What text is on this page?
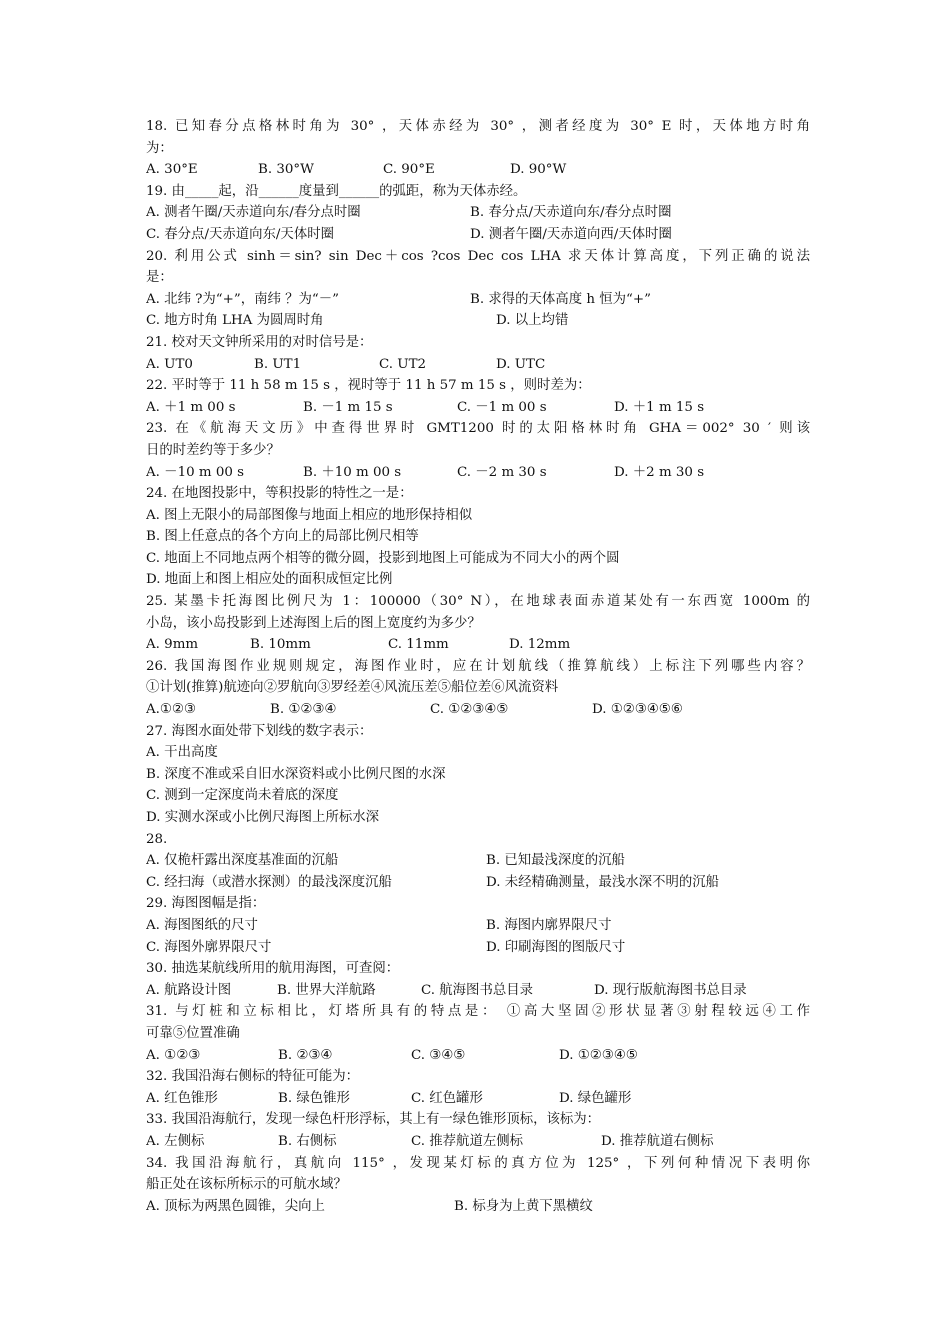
18. 已知春分点格林时角为 30° ，天体赤经为 30° ，测者经度为 30° E 时，天体地方时角
为：
A. 30°E	B. 30°W	C. 90°E	D. 90°W
19. 由_____起，沿______度量到______的弧距，称为天体赤经。
A. 测者午圈/天赤道向东/春分点时圈	B. 春分点/天赤道向东/春分点时圈
C. 春分点/天赤道向东/天体时圈	D. 测者午圈/天赤道向西/天体时圈
20. 利用公式 sinh＝sin? sin Dec＋cos ?cos Dec cos LHA 求天体计算高度，下列正确的说法
是：
A. 北纬 ?为“+”，南纬 ？为“－”	B. 求得的天体高度 h 恒为“+”
C. 地方时角 LHA 为圆周时角	D. 以上均错
21. 校对天文钟所采用的对时信号是：
A. UT0	B. UT1	C. UT2	D. UTC
22. 平时等于 11 h 58 m 15 s ，视时等于 11 h 57 m 15 s ，则时差为：
A. ＋1 m 00 s	B. －1 m 15 s	C. －1 m 00 s	D. ＋1 m 15 s
23. 在《航海天文历》中查得世界时 GMT1200 时的太阳格林时角 GHA＝002° 30 ′ 则该
日的时差约等于多少？
A. －10 m 00 s	B. ＋10 m 00 s	C. －2 m 30 s	D. ＋2 m 30 s
24. 在地图投影中，等积投影的特性之一是：
A. 图上无限小的局部图像与地面上相应的地形保持相似
B. 图上任意点的各个方向上的局部比例尺相等
C. 地面上不同地点两个相等的微分圆，投影到地图上可能成为不同大小的两个圆
D. 地面上和图上相应处的面积成恒定比例
25. 某墨卡托海图比例尺为 1：100000（30° N），在地球表面赤道某处有一东西宽 1000m 的
小岛，该小岛投影到上述海图上后的图上宽度约为多少？
A. 9mm	B. 10mm	C. 11mm	D. 12mm
26. 我国海图作业规则规定，海图作业时，应在计划航线（推算航线）上标注下列哪些内容？
①计划(推算)航迹向②罗航向③罗经差④风流压差⑤船位差⑥风流资料
A.①②③	B. ①②③④	C. ①②③④⑤	D. ①②③④⑤⑥
27. 海图水面处带下划线的数字表示：
A. 干出高度
B. 深度不准或采自旧水深资料或小比例尺图的水深
C. 测到一定深度尚未着底的深度
D. 实测水深或小比例尺海图上所标水深
28.
A. 仅桅杆露出深度基准面的沉船	B. 已知最浅深度的沉船
C. 经扫海（或潜水探测）的最浅深度沉船	D. 未经精确测量，最浅水深不明的沉船
29. 海图图幅是指：
A. 海图图纸的尺寸	B. 海图内廓界限尺寸
C. 海图外廓界限尺寸	D. 印刷海图的图版尺寸
30. 抽选某航线所用的航用海图，可查阅：
A. 航路设计图	B. 世界大洋航路	C. 航海图书总目录	D. 现行版航海图书总目录
31. 与灯桩和立标相比，灯塔所具有的特点是： ①高大坚固②形状显著③射程较远④工作
可靠⑤位置准确
A. ①②③	B. ②③④	C. ③④⑤	D. ①②③④⑤
32. 我国沿海右侧标的特征可能为：
A. 红色锥形	B. 绿色锥形	C. 红色罐形	D. 绿色罐形
33. 我国沿海航行，发现一绿色杆形浮标，其上有一绿色锥形顶标，该标为：
A. 左侧标	B. 右侧标	C. 推荐航道左侧标	D. 推荐航道右侧标
34. 我国沿海航行，真航向 115° ，发现某灯标的真方位为 125° ，下列何种情况下表明你
船正处在该标所标示的可航水域？
A. 顶标为两黑色圆锥，尖向上	B. 标身为上黄下黑横纹
